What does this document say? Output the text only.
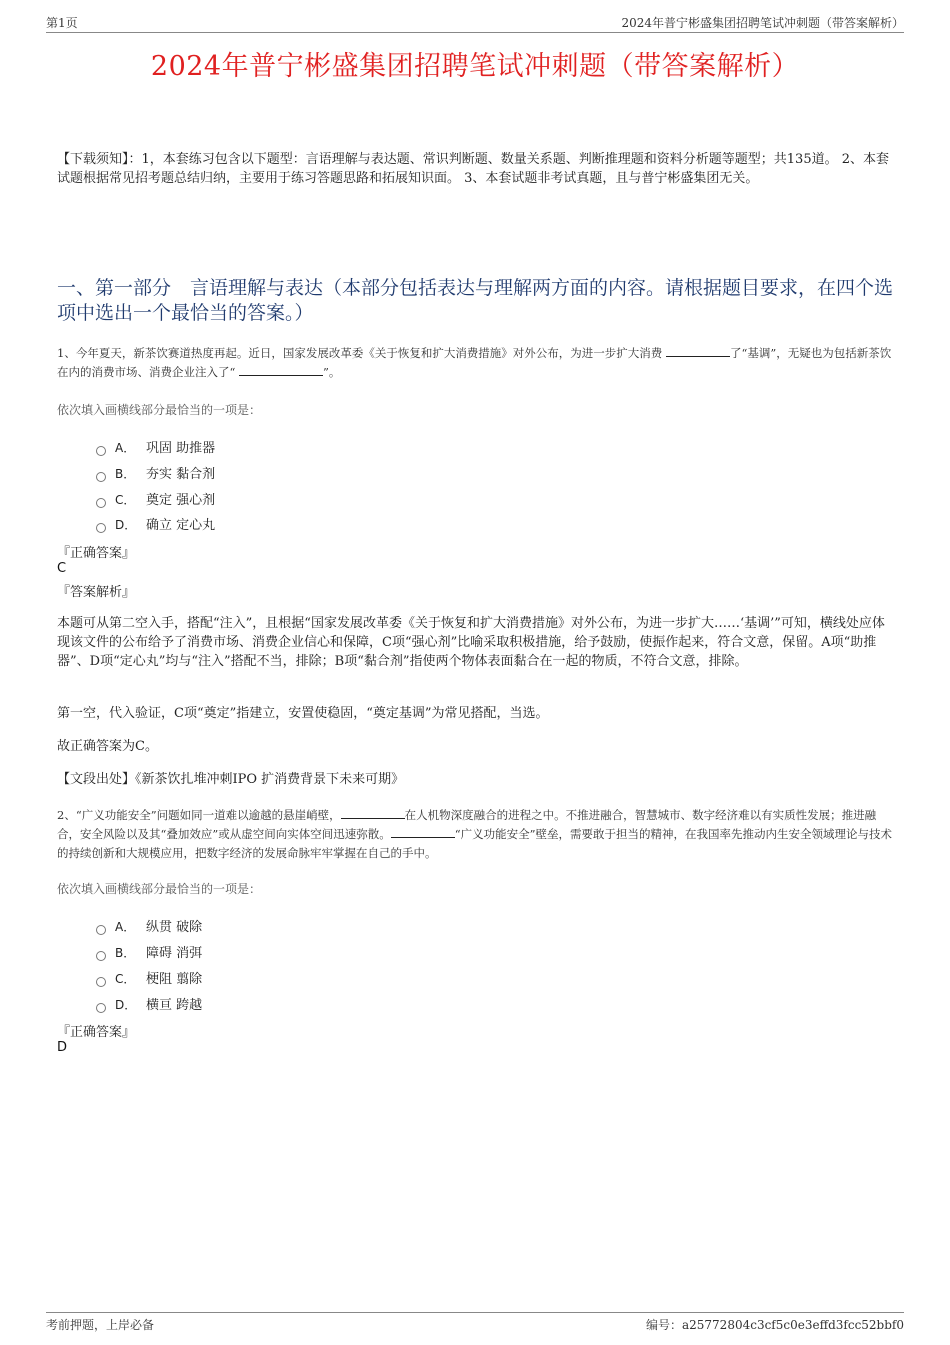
第1页	2024年普宁彬盛集团招聘笔试冲刺题（带答案解析）
2024年普宁彬盛集团招聘笔试冲刺题（带答案解析）
【下载须知】：1，本套练习包含以下题型：言语理解与表达题、常识判断题、数量关系题、判断推理题和资料分析题等题型；共135道。 2、本套试题根据常见招考题总结归纳，主要用于练习答题思路和拓展知识面。 3、本套试题非考试真题，且与普宁彬盛集团无关。
一、第一部分　言语理解与表达（本部分包括表达与理解两方面的内容。请根据题目要求，在四个选项中选出一个最恰当的答案。）
1、今年夏天，新茶饮赛道热度再起。近日，国家发展改革委《关于恢复和扩大消费措施》对外公布，为进一步扩大消费	了“基调”，无疑也为包括新茶饮在内的消费市场、消费企业注入了“	”。
依次填入画横线部分最恰当的一项是：
A． 巩固 助推器
B． 夯实 黏合剂
C． 奠定 强心剂
D． 确立 定心丸
『正确答案』
C
『答案解析』
本题可从第二空入手，搭配“注入”，且根据“国家发展改革委《关于恢复和扩大消费措施》对外公布，为进一步扩大……‘基调’”可知，横线处应体现该文件的公布给予了消费市场、消费企业信心和保障，C项“强心剂”比喻采取积极措施，给予鼓励，使振作起来，符合文意，保留。A项“助推器”、D项“定心丸”均与“注入”搭配不当，排除；B项“黏合剂”指使两个物体表面黏合在一起的物质，不符合文意，排除。
第一空，代入验证，C项“奠定”指建立，安置使稳固，“奠定基调”为常见搭配，当选。
故正确答案为C。
【文段出处】《新茶饮扎堆冲刺IPO 扩消费背景下未来可期》
2、“广义功能安全”问题如同一道难以逾越的悬崖峭壁，	在人机物深度融合的进程之中。不推进融合，智慧城市、数字经济难以有实质性发展；推进融合，安全风险以及其“叠加效应”或从虚空间向实体空间迅速弥散。	“广义功能安全”壁垒，需要敢于担当的精神，在我国率先推动内生安全领域理论与技术的持续创新和大规模应用，把数字经济的发展命脉牢牢掌握在自己的手中。
依次填入画横线部分最恰当的一项是：
A． 纵贯 破除
B． 障碍 消弭
C． 梗阻 翦除
D． 横亘 跨越
『正确答案』
D
考前押题，上岸必备	编号：a25772804c3cf5c0e3effd3fcc52bbf0
